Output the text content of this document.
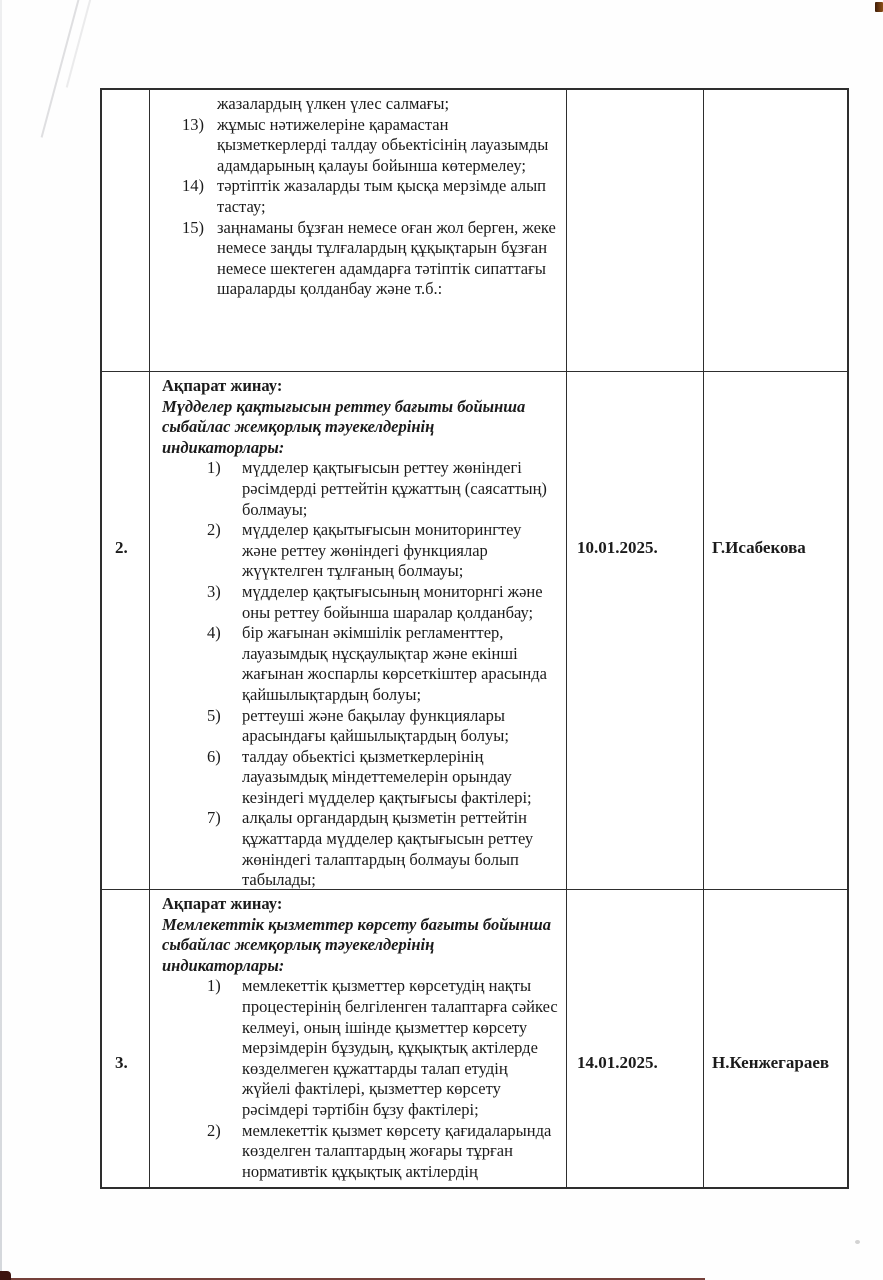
жазалардың үлкен үлес салмағы;
13) жұмыс нәтижелеріне қарамастан қызметкерлерді талдау обьектісінің лауазымды адамдарының қалауы бойынша көтермелеу;
14) тәртіптік жазаларды тым қысқа мерзімде алып тастау;
15) заңнаманы бұзған немесе оған жол берген, жеке немесе заңды тұлғалардың құқықтарын бұзған немесе шектеген адамдарға тәтіптік сипаттағы шараларды қолданбау және т.б.:
2.
Ақпарат жинау:
Мүдделер қақтығысын реттеу бағыты бойынша сыбайлас жемқорлық тәуекелдерінің индикаторлары:
1)	мүдделер қақтығысын реттеу жөніндегі рәсімдерді реттейтін құжаттың (саясаттың) болмауы;
2)	мүдделер қақытығысын мониторингтеу және реттеу жөніндегі функциялар жүүктелген тұлғаның болмауы;
3)	мүдделер қақтығысының мониторнгі және оны реттеу бойынша шаралар қолданбау;
4)	бір жағынан әкімшілік регламенттер, лауазымдық нұсқаулықтар және екінші жағынан жоспарлы көрсеткіштер арасында қайшылықтардың болуы;
5)	реттеуші және бақылау функциялары арасындағы қайшылықтардың болуы;
6)	талдау обьектісі қызметкерлерінің лауазымдық міндеттемелерін орындау кезіндегі мүдделер қақтығысы фактілері;
7)	алқалы органдардың қызметін реттейтін құжаттарда мүдделер қақтығысын реттеу жөніндегі талаптардың болмауы болып табылады;
10.01.2025.	Г.Исабекова
3.
Ақпарат жинау:
Мемлекеттік қызметтер көрсету бағыты бойынша сыбайлас жемқорлық тәуекелдерінің индикаторлары:
1)	мемлекеттік қызметтер көрсетудің нақты процестерінің белгіленген талаптарға сәйкес келмеуі, оның ішінде қызметтер көрсету мерзімдерін бұзудың, құқықтық актілерде көзделмеген құжаттарды талап етудің жүйелі фактілері, қызметтер көрсету рәсімдері тәртібін бұзу фактілері;
2)	мемлекеттік қызмет көрсету қағидаларында көзделген талаптардың жоғары тұрған нормативтік құқықтық актілердің
14.01.2025.	Н.Кенжегараев
